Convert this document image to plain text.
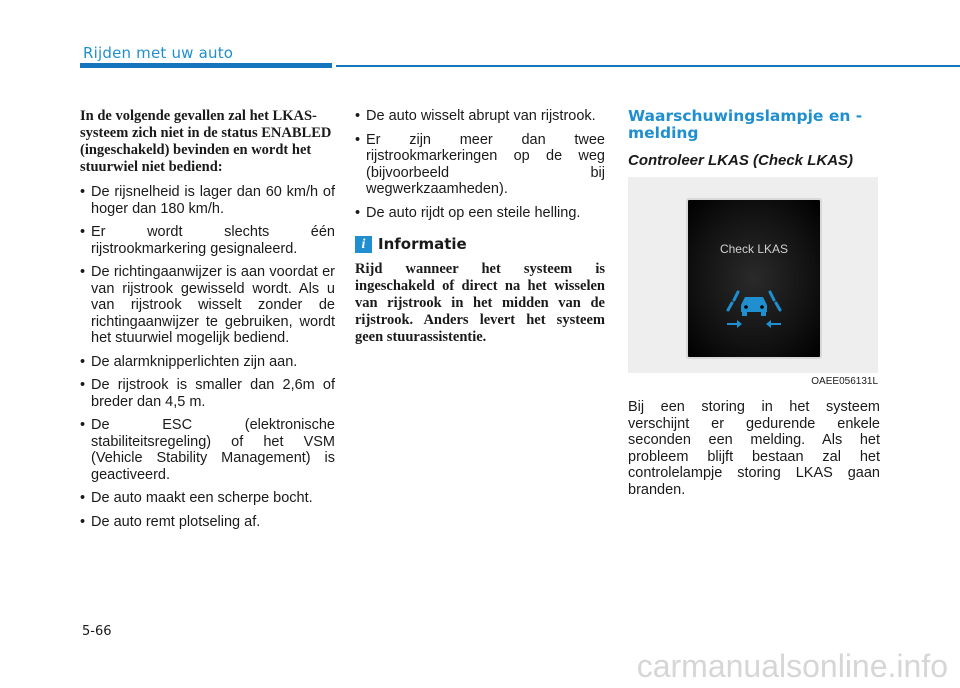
Rijden met uw auto

In de volgende gevallen zal het LKAS-systeem zich niet in de status ENABLED (ingeschakeld) bevinden en wordt het stuurwiel niet bediend:

• De rijsnelheid is lager dan 60 km/h of hoger dan 180 km/h.
• Er wordt slechts één rijstrookmarkering gesignaleerd.
• De richtingaanwijzer is aan voordat er van rijstrook gewisseld wordt. Als u van rijstrook wisselt zonder de richtingaanwijzer te gebruiken, wordt het stuurwiel mogelijk bediend.
• De alarmknipperlichten zijn aan.
• De rijstrook is smaller dan 2,6m of breder dan 4,5 m.
• De ESC (elektronische stabiliteitsregeling) of het VSM (Vehicle Stability Management) is geactiveerd.
• De auto maakt een scherpe bocht.
• De auto remt plotseling af.
• De auto wisselt abrupt van rijstrook.
• Er zijn meer dan twee rijstrookmarkeringen op de weg (bijvoorbeeld bij wegwerkzaamheden).
• De auto rijdt op een steile helling.
i Informatie

Rijd wanneer het systeem is ingeschakeld of direct na het wisselen van rijstrook in het midden van de rijstrook. Anders levert het systeem geen stuurassistentie.

Waarschuwingslampje en - melding
Controleer LKAS (Check LKAS)
Check LKAS
OAEE056131L

Bij een storing in het systeem verschijnt er gedurende enkele seconden een melding. Als het probleem blijft bestaan zal het controlelampje storing LKAS gaan branden.

5-66
carmanualsonline.info
